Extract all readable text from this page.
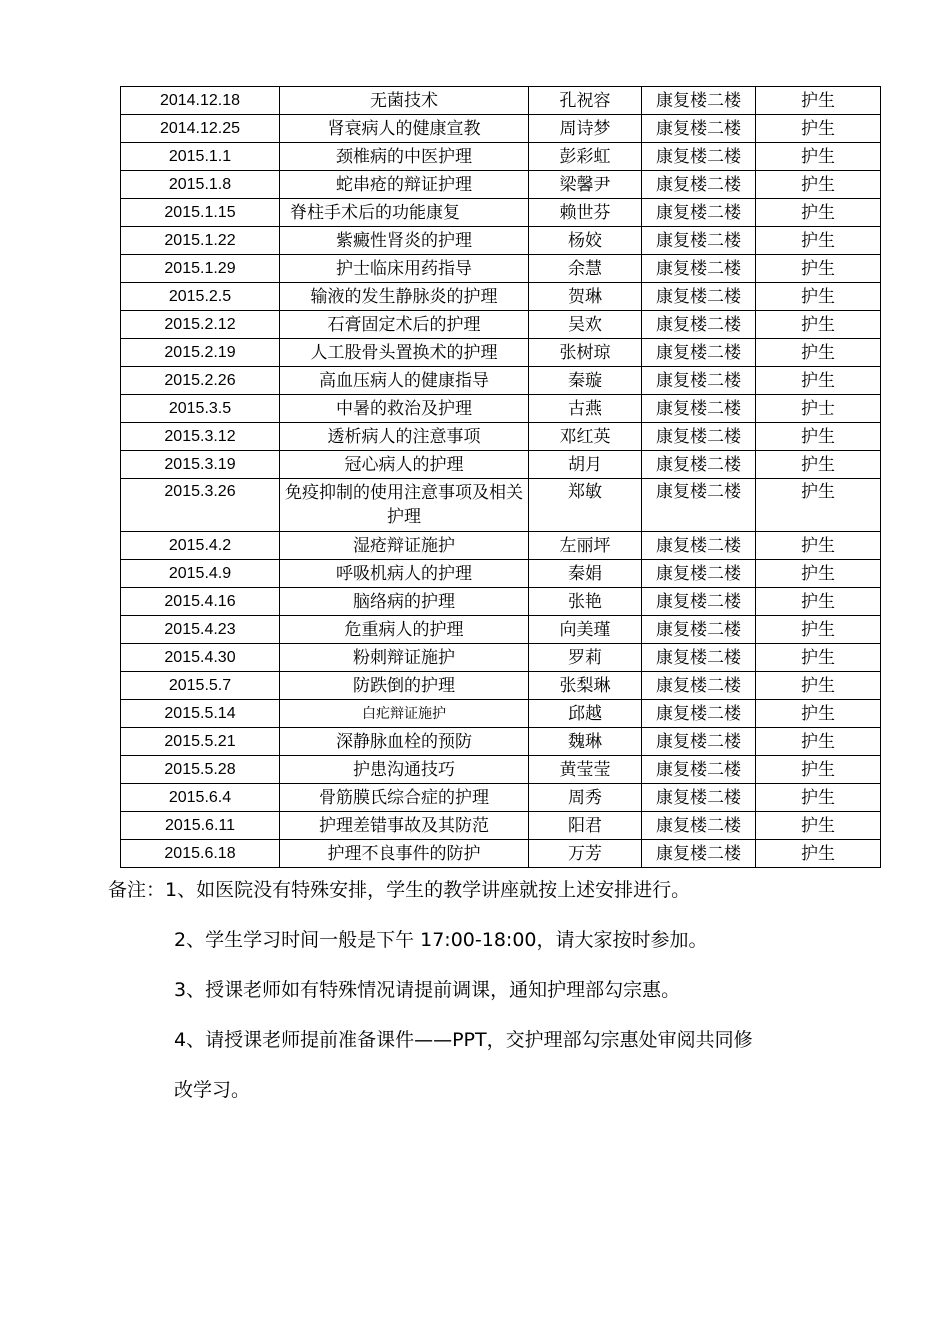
2014.12.18	无菌技术	孔祝容	康复楼二楼	护生
2014.12.25	肾衰病人的健康宣教	周诗梦	康复楼二楼	护生
2015.1.1	颈椎病的中医护理	彭彩虹	康复楼二楼	护生
2015.1.8	蛇串疮的辩证护理	梁馨尹	康复楼二楼	护生
2015.1.15	脊柱手术后的功能康复	赖世芬	康复楼二楼	护生
2015.1.22	紫癜性肾炎的护理	杨姣	康复楼二楼	护生
2015.1.29	护士临床用药指导	余慧	康复楼二楼	护生
2015.2.5	输液的发生静脉炎的护理	贺琳	康复楼二楼	护生
2015.2.12	石膏固定术后的护理	吴欢	康复楼二楼	护生
2015.2.19	人工股骨头置换术的护理	张树琼	康复楼二楼	护生
2015.2.26	高血压病人的健康指导	秦璇	康复楼二楼	护生
2015.3.5	中暑的救治及护理	古燕	康复楼二楼	护士
2015.3.12	透析病人的注意事项	邓红英	康复楼二楼	护生
2015.3.19	冠心病人的护理	胡月	康复楼二楼	护生
2015.3.26	免疫抑制的使用注意事项及相关护理	郑敏	康复楼二楼	护生
2015.4.2	湿疮辩证施护	左丽坪	康复楼二楼	护生
2015.4.9	呼吸机病人的护理	秦娟	康复楼二楼	护生
2015.4.16	脑络病的护理	张艳	康复楼二楼	护生
2015.4.23	危重病人的护理	向美瑾	康复楼二楼	护生
2015.4.30	粉刺辩证施护	罗莉	康复楼二楼	护生
2015.5.7	防跌倒的护理	张梨琳	康复楼二楼	护生
2015.5.14	白疕辩证施护	邱越	康复楼二楼	护生
2015.5.21	深静脉血栓的预防	魏琳	康复楼二楼	护生
2015.5.28	护患沟通技巧	黄莹莹	康复楼二楼	护生
2015.6.4	骨筋膜氏综合症的护理	周秀	康复楼二楼	护生
2015.6.11	护理差错事故及其防范	阳君	康复楼二楼	护生
2015.6.18	护理不良事件的防护	万芳	康复楼二楼	护生
备注：1、如医院没有特殊安排，学生的教学讲座就按上述安排进行。
2、学生学习时间一般是下午 17:00-18:00，请大家按时参加。
3、授课老师如有特殊情况请提前调课，通知护理部勾宗惠。
4、请授课老师提前准备课件——PPT，交护理部勾宗惠处审阅共同修
改学习。
